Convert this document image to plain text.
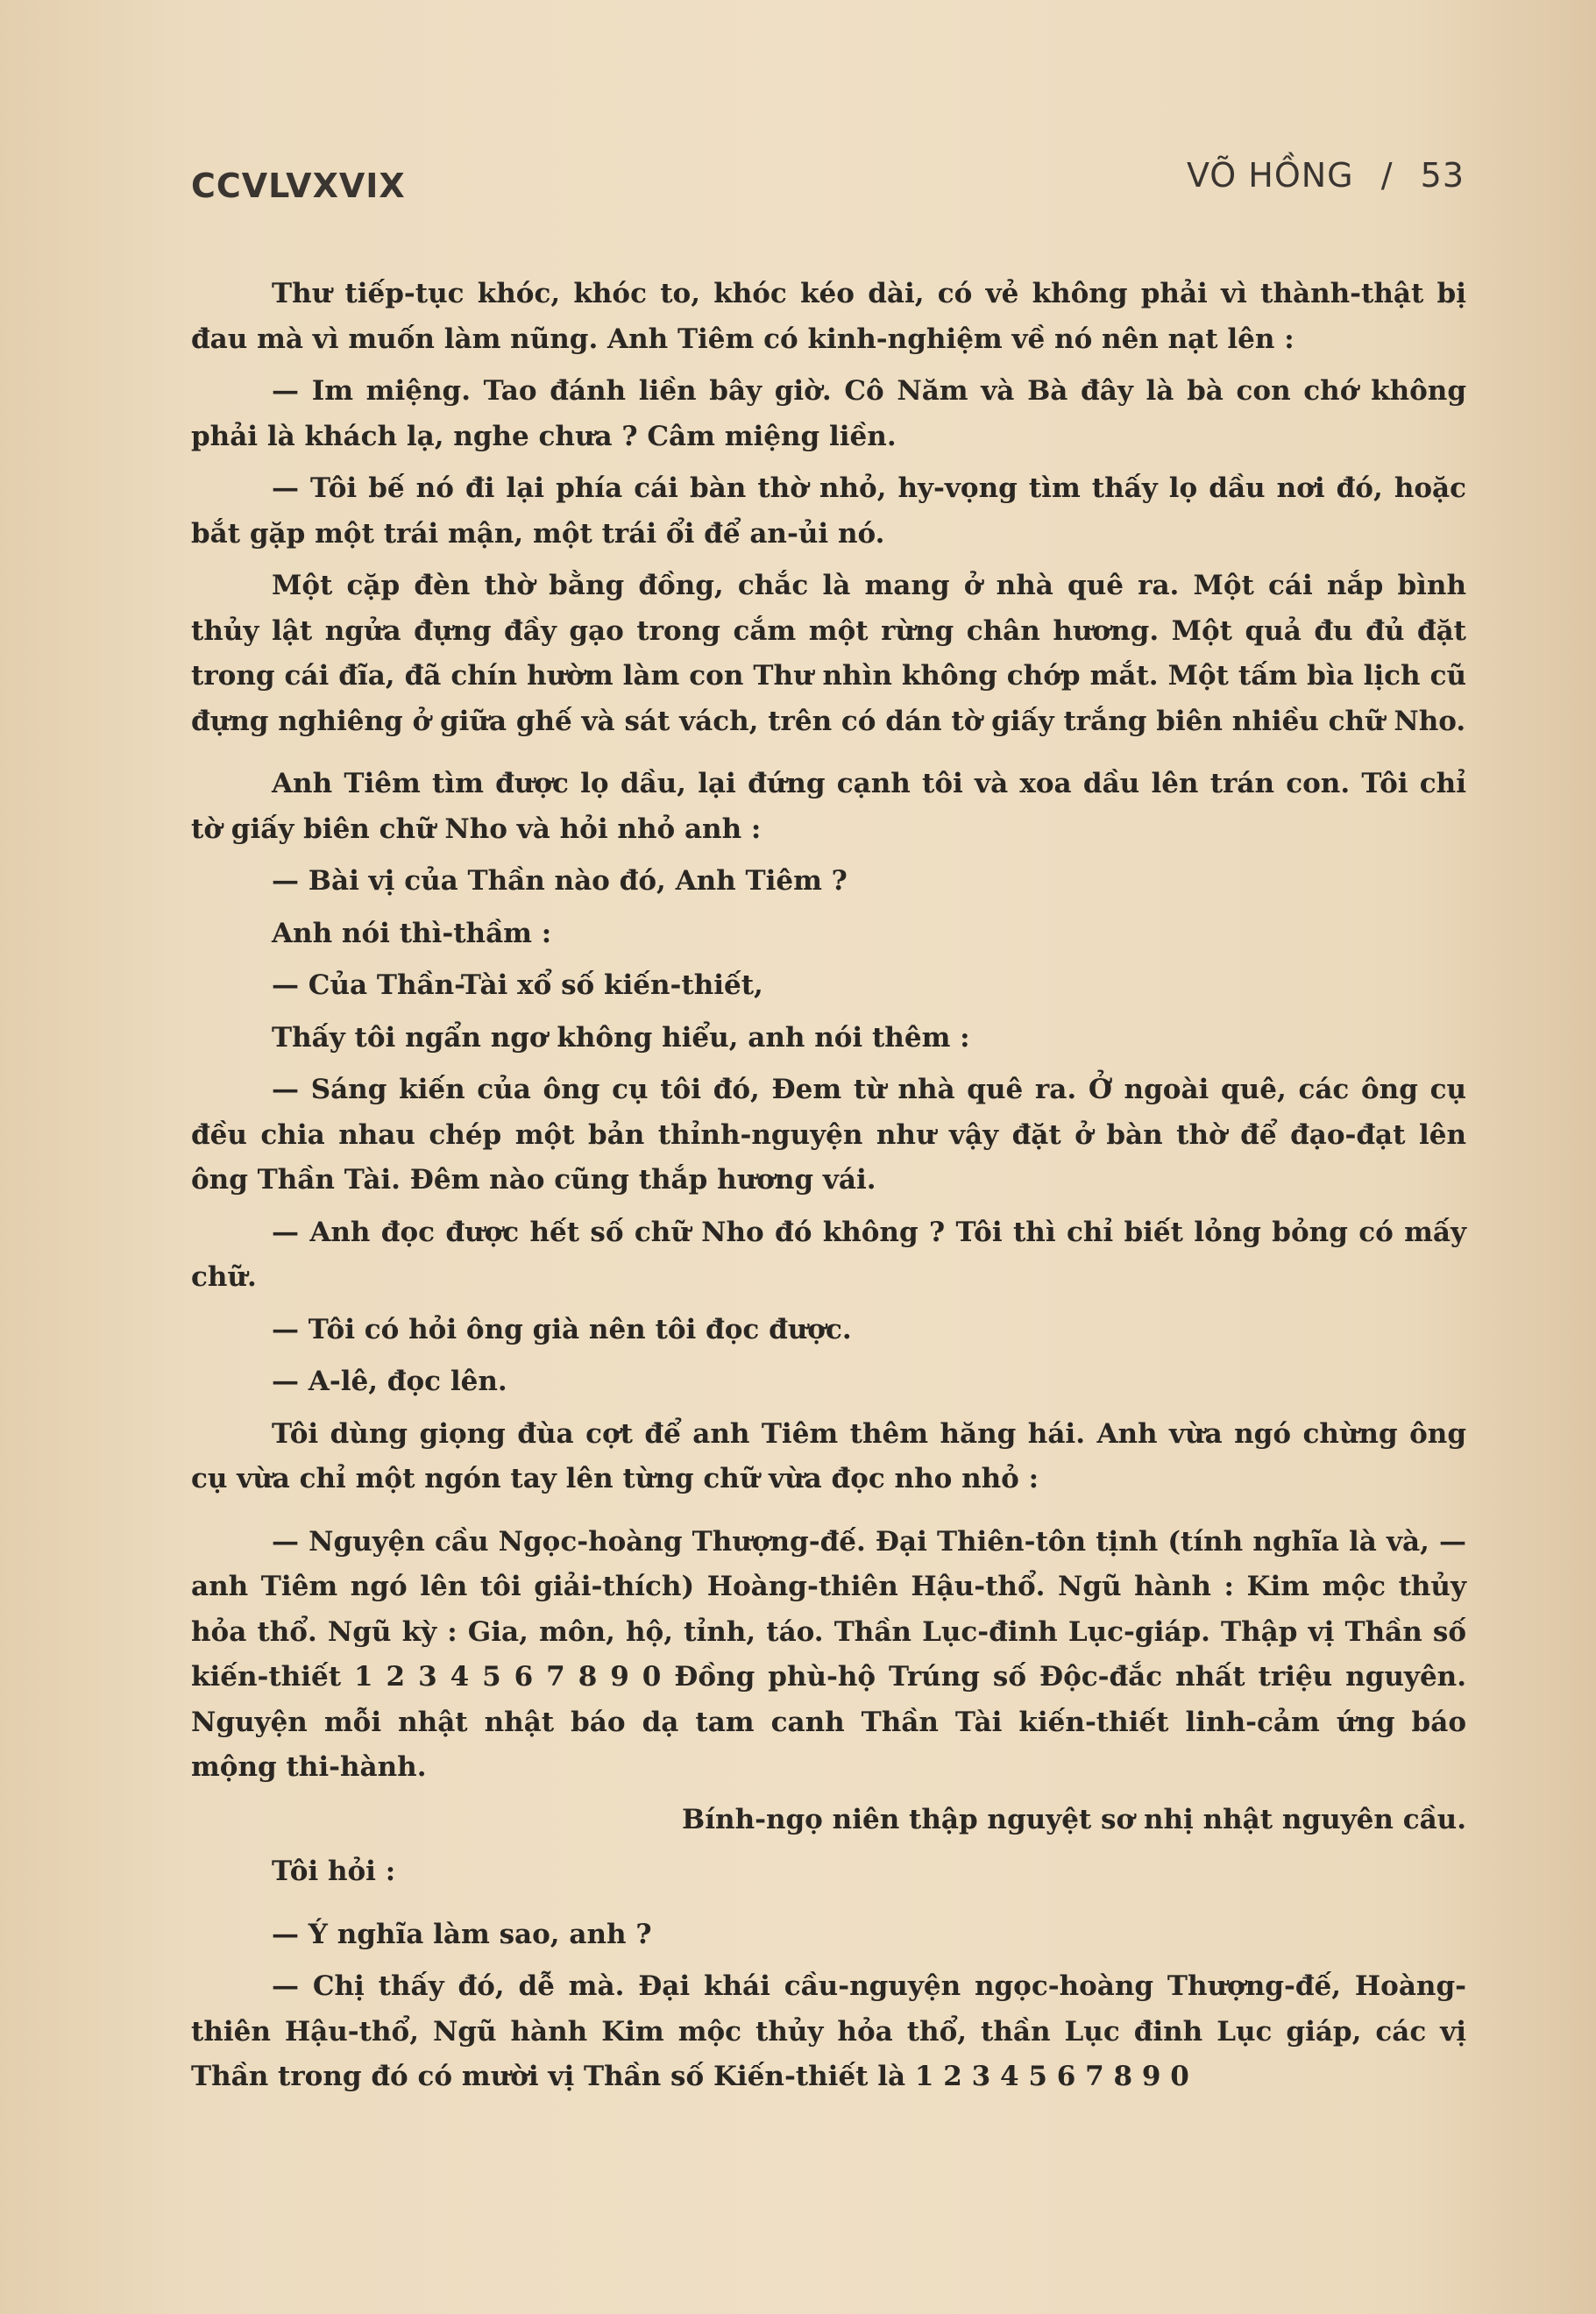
CCVLVXVIX	VÕ HỒNG / 53

Thư tiếp-tục khóc, khóc to, khóc kéo dài, có vẻ không phải vì thành-thật bị đau mà vì muốn làm nũng. Anh Tiêm có kinh-nghiệm về nó nên nạt lên :

— Im miệng. Tao đánh liền bây giờ. Cô Năm và Bà đây là bà con chớ không phải là khách lạ, nghe chưa ? Câm miệng liền.

— Tôi bế nó đi lại phía cái bàn thờ nhỏ, hy-vọng tìm thấy lọ dầu nơi đó, hoặc bắt gặp một trái mận, một trái ổi để an-ủi nó.

Một cặp đèn thờ bằng đồng, chắc là mang ở nhà quê ra. Một cái nắp bình thủy lật ngửa đựng đầy gạo trong cắm một rừng chân hương. Một quả đu đủ đặt trong cái đĩa, đã chín hườm làm con Thư nhìn không chớp mắt. Một tấm bìa lịch cũ đựng nghiêng ở giữa ghế và sát vách, trên có dán tờ giấy trắng biên nhiều chữ Nho.

Anh Tiêm tìm được lọ dầu, lại đứng cạnh tôi và xoa dầu lên trán con. Tôi chỉ tờ giấy biên chữ Nho và hỏi nhỏ anh :

— Bài vị của Thần nào đó, Anh Tiêm ?

Anh nói thì-thầm :

— Của Thần-Tài xổ số kiến-thiết,

Thấy tôi ngẩn ngơ không hiểu, anh nói thêm :

— Sáng kiến của ông cụ tôi đó, Đem từ nhà quê ra. Ở ngoài quê, các ông cụ đều chia nhau chép một bản thỉnh-nguyện như vậy đặt ở bàn thờ để đạo-đạt lên ông Thần Tài. Đêm nào cũng thắp hương vái.

— Anh đọc được hết số chữ Nho đó không ? Tôi thì chỉ biết lỏng bỏng có mấy chữ.

— Tôi có hỏi ông già nên tôi đọc được.

— A-lê, đọc lên.

Tôi dùng giọng đùa cợt để anh Tiêm thêm hăng hái. Anh vừa ngó chừng ông cụ vừa chỉ một ngón tay lên từng chữ vừa đọc nho nhỏ :

— Nguyện cầu Ngọc-hoàng Thượng-đế. Đại Thiên-tôn tịnh (tính nghĩa là và, — anh Tiêm ngó lên tôi giải-thích) Hoàng-thiên Hậu-thổ. Ngũ hành : Kim mộc thủy hỏa thổ. Ngũ kỳ : Gia, môn, hộ, tỉnh, táo. Thần Lục-đinh Lục-giáp. Thập vị Thần số kiến-thiết 1 2 3 4 5 6 7 8 9 0 Đồng phù-hộ Trúng số Độc-đắc nhất triệu nguyên. Nguyện mỗi nhật nhật báo dạ tam canh Thần Tài kiến-thiết linh-cảm ứng báo mộng thi-hành.

Bính-ngọ niên thập nguyệt sơ nhị nhật nguyên cầu.

Tôi hỏi :

— Ý nghĩa làm sao, anh ?

— Chị thấy đó, dễ mà. Đại khái cầu-nguyện ngọc-hoàng Thượng-đế, Hoàng-thiên Hậu-thổ, Ngũ hành Kim mộc thủy hỏa thổ, thần Lục đinh Lục giáp, các vị Thần trong đó có mười vị Thần số Kiến-thiết là 1 2 3 4 5 6 7 8 9 0
